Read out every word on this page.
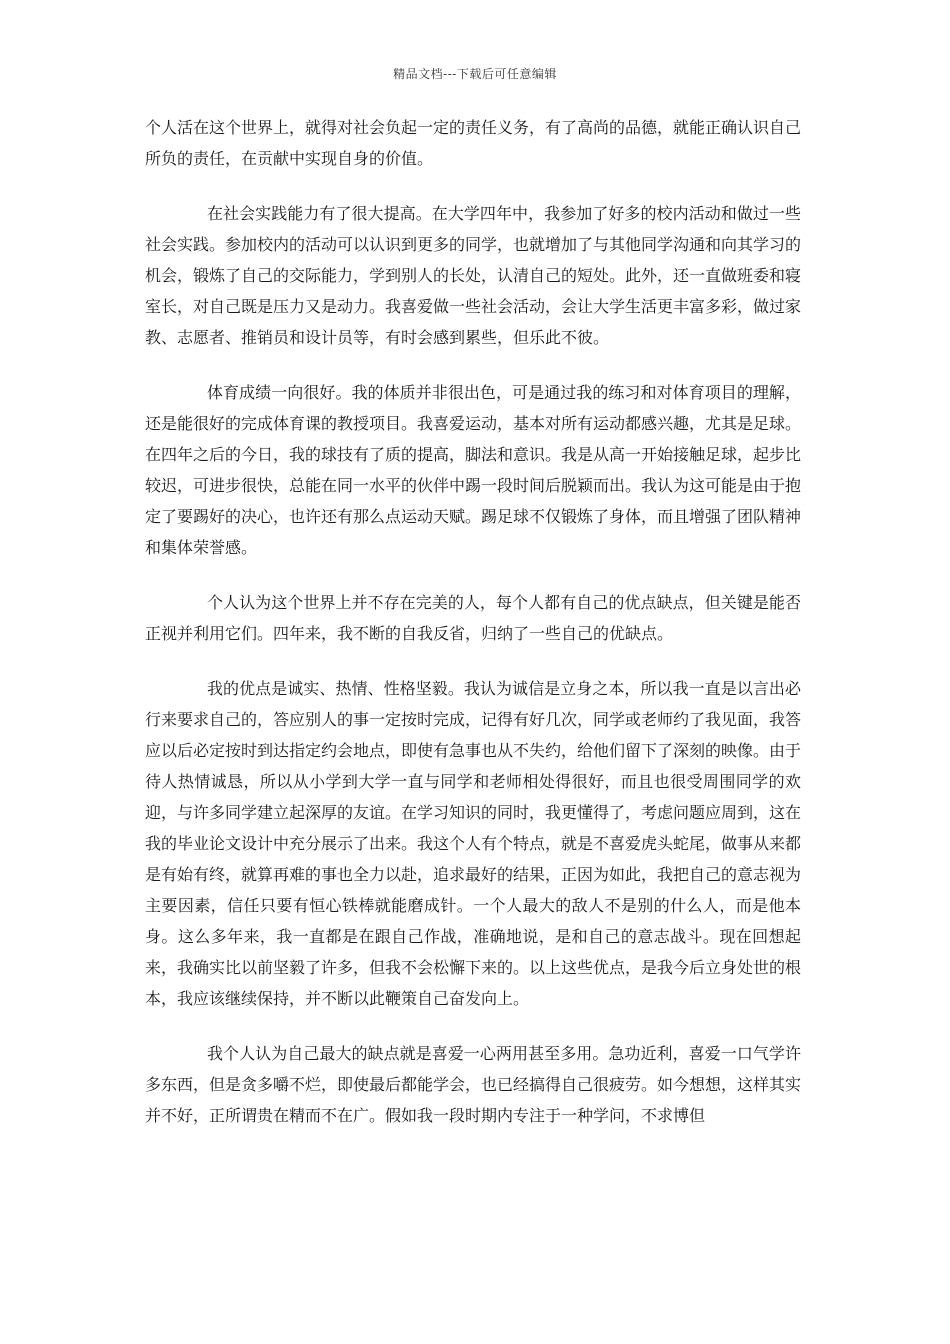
精品文档---下载后可任意编辑

个人活在这个世界上，就得对社会负起一定的责任义务，有了高尚的品德，就能正确认识自己所负的责任，在贡献中实现自身的价值。

在社会实践能力有了很大提高。在大学四年中，我参加了好多的校内活动和做过一些社会实践。参加校内的活动可以认识到更多的同学，也就增加了与其他同学沟通和向其学习的机会，锻炼了自己的交际能力，学到别人的长处，认清自己的短处。此外，还一直做班委和寝室长，对自己既是压力又是动力。我喜爱做一些社会活动，会让大学生活更丰富多彩，做过家教、志愿者、推销员和设计员等，有时会感到累些，但乐此不彼。

体育成绩一向很好。我的体质并非很出色，可是通过我的练习和对体育项目的理解，还是能很好的完成体育课的教授项目。我喜爱运动，基本对所有运动都感兴趣，尤其是足球。在四年之后的今日，我的球技有了质的提高，脚法和意识。我是从高一开始接触足球，起步比较迟，可进步很快，总能在同一水平的伙伴中踢一段时间后脱颖而出。我认为这可能是由于抱定了要踢好的决心，也许还有那么点运动天赋。踢足球不仅锻炼了身体，而且增强了团队精神和集体荣誉感。

个人认为这个世界上并不存在完美的人，每个人都有自己的优点缺点，但关键是能否正视并利用它们。四年来，我不断的自我反省，归纳了一些自己的优缺点。

我的优点是诚实、热情、性格坚毅。我认为诚信是立身之本，所以我一直是以言出必行来要求自己的，答应别人的事一定按时完成，记得有好几次，同学或老师约了我见面，我答应以后必定按时到达指定约会地点，即使有急事也从不失约，给他们留下了深刻的映像。由于待人热情诚恳，所以从小学到大学一直与同学和老师相处得很好，而且也很受周围同学的欢迎，与许多同学建立起深厚的友谊。在学习知识的同时，我更懂得了，考虑问题应周到，这在我的毕业论文设计中充分展示了出来。我这个人有个特点，就是不喜爱虎头蛇尾，做事从来都是有始有终，就算再难的事也全力以赴，追求最好的结果，正因为如此，我把自己的意志视为主要因素，信任只要有恒心铁棒就能磨成针。一个人最大的敌人不是别的什么人，而是他本身。这么多年来，我一直都是在跟自己作战，准确地说，是和自己的意志战斗。现在回想起来，我确实比以前坚毅了许多，但我不会松懈下来的。以上这些优点，是我今后立身处世的根本，我应该继续保持，并不断以此鞭策自己奋发向上。

我个人认为自己最大的缺点就是喜爱一心两用甚至多用。急功近利，喜爱一口气学许多东西，但是贪多嚼不烂，即使最后都能学会，也已经搞得自己很疲劳。如今想想，这样其实并不好，正所谓贵在精而不在广。假如我一段时期内专注于一种学问，不求博但
